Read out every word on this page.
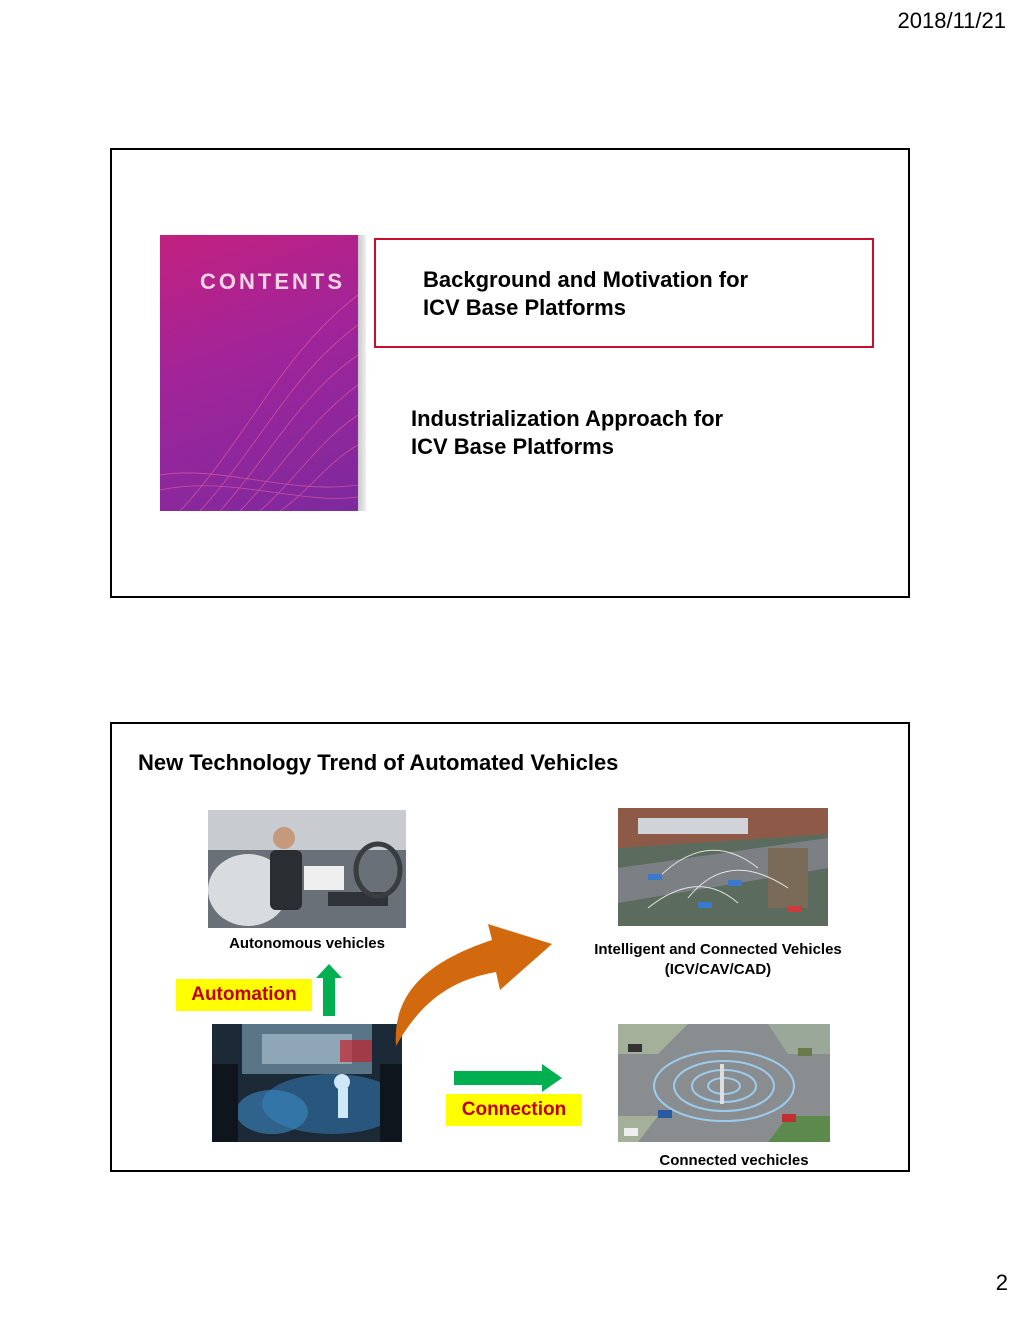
2018/11/21
CONTENTS	Background and Motivation for
ICV Base Platforms
Industrialization Approach for
ICV Base Platforms
New Technology Trend of Automated Vehicles
Autonomous vehicles
Automation
Intelligent and Connected Vehicles
(ICV/CAV/CAD)
Connection
Connected vechicles
2
